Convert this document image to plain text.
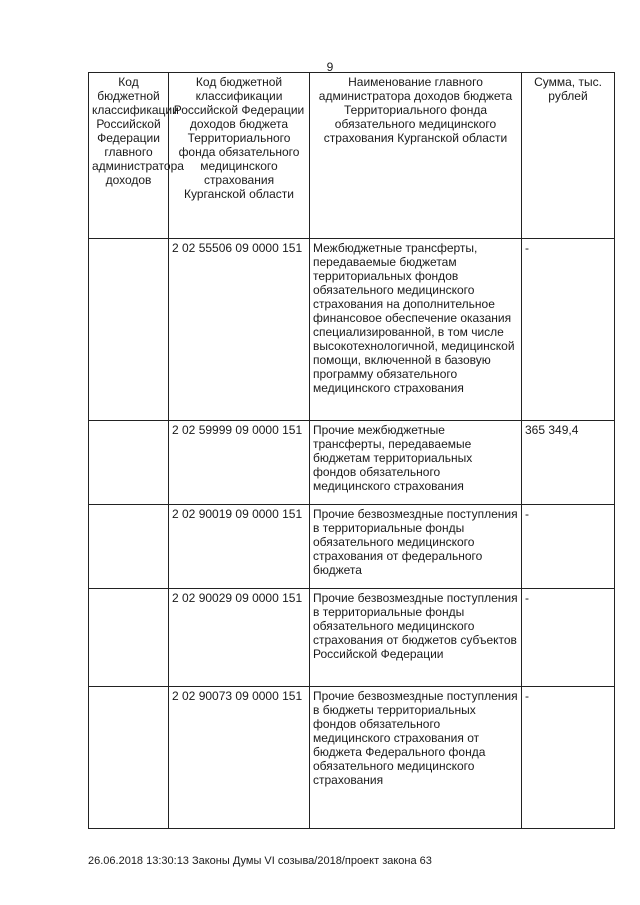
9
Код бюджетной классификации Российской Федерации главного администратора доходов	Код бюджетной классификации Российской Федерации доходов бюджета Территориального фонда обязательного медицинского страхования Курганской области	Наименование главного администратора доходов бюджета Территориального фонда обязательного медицинского страхования Курганской области	Сумма, тыс. рублей
	2 02 55506 09 0000 151	Межбюджетные трансферты, передаваемые бюджетам территориальных фондов обязательного медицинского страхования на дополнительное финансовое обеспечение оказания специализированной, в том числе высокотехнологичной, медицинской помощи, включенной в базовую программу обязательного медицинского страхования	-
	2 02 59999 09 0000 151	Прочие межбюджетные трансферты, передаваемые бюджетам территориальных фондов обязательного медицинского страхования	365 349,4
	2 02 90019 09 0000 151	Прочие безвозмездные поступления в территориальные фонды обязательного медицинского страхования от федерального бюджета	-
	2 02 90029 09 0000 151	Прочие безвозмездные поступления в территориальные фонды обязательного медицинского страхования от бюджетов субъектов Российской Федерации	-
	2 02 90073 09 0000 151	Прочие безвозмездные поступления в бюджеты территориальных фондов обязательного медицинского страхования от бюджета Федерального фонда обязательного медицинского страхования	-
26.06.2018 13:30:13 Законы Думы VI созыва/2018/проект закона 63
